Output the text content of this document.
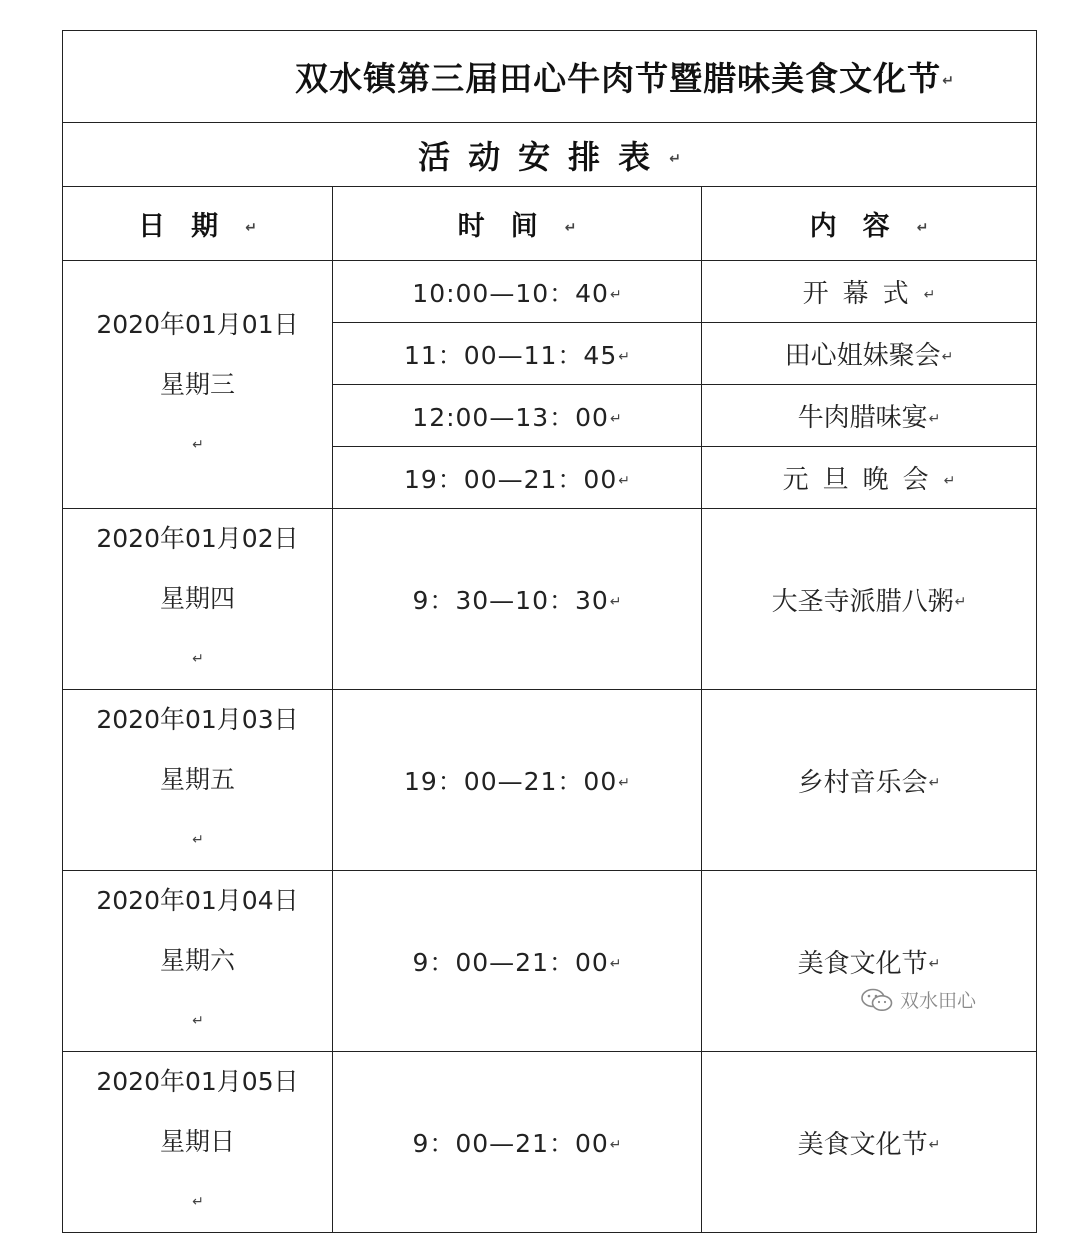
双水镇第三届田心牛肉节暨腊味美食文化节↵		
活动安排表↵		
日期↵	时间↵	内容↵

2020年01月01日
星期三
↵	10:00—10：40↵	开幕式↵
	11：00—11：45↵	田心姐妹聚会↵
	12:00—13：00↵	牛肉腊味宴↵
	19：00—21：00↵	元旦晚会↵

2020年01月02日
星期四
↵	9：30—10：30↵	大圣寺派腊八粥↵

2020年01月03日
星期五
↵	19：00—21：00↵	乡村音乐会↵

2020年01月04日
星期六
↵	9：00—21：00↵	美食文化节↵

2020年01月05日
星期日
↵	9：00—21：00↵	美食文化节↵
双水田心
